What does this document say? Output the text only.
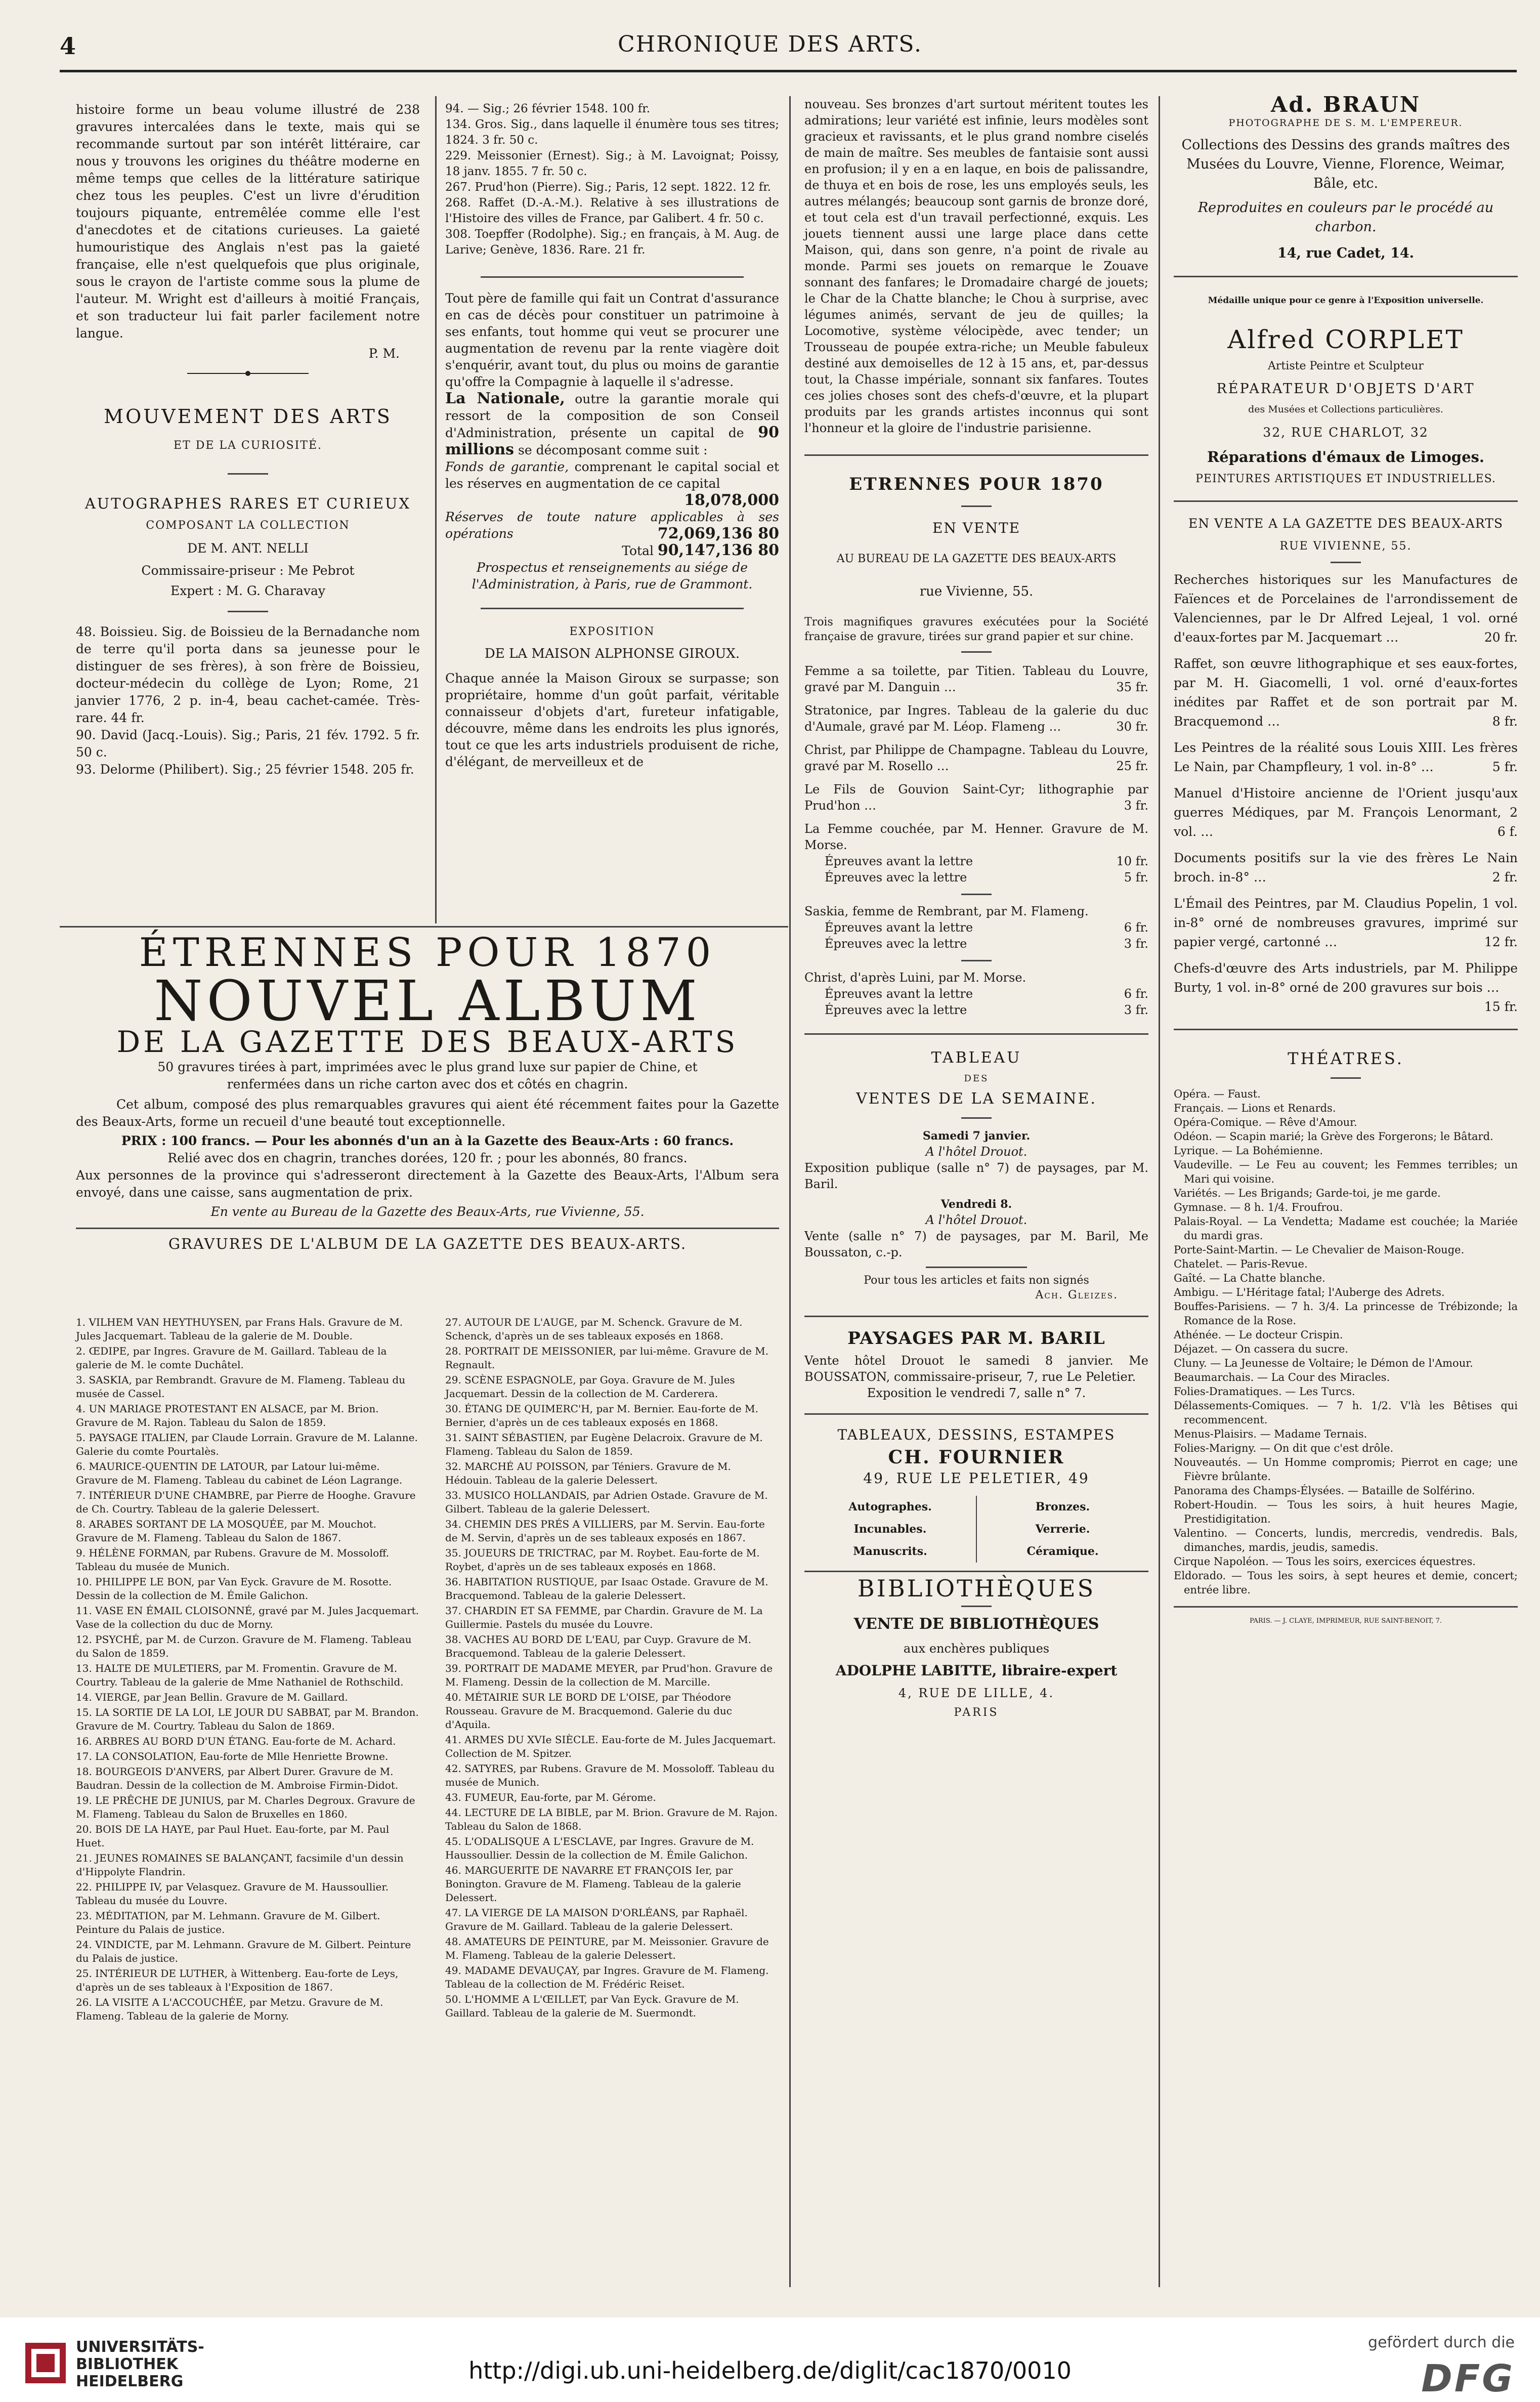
4	CHRONIQUE DES ARTS.

histoire forme un beau volume illustré de 238 gravures intercalées dans le texte, mais qui se recommande surtout par son intérêt littéraire, car nous y trouvons les origines du théâtre moderne en même temps que celles de la littérature satirique chez tous les peuples. C'est un livre d'érudition toujours piquante, entremêlée comme elle l'est d'anecdotes et de citations curieuses. La gaieté humouristique des Anglais n'est pas la gaieté française, elle n'est quelquefois que plus originale, sous le crayon de l'artiste comme sous la plume de l'auteur. M. Wright est d'ailleurs à moitié Français, et son traducteur lui fait parler facilement notre langue.

P. M.

MOUVEMENT DES ARTS
ET DE LA CURIOSITÉ.
AUTOGRAPHES RARES ET CURIEUX
COMPOSANT LA COLLECTION
DE M. ANT. NELLI
Commissaire-priseur : Me Pebrot
Expert : M. G. Charavay

48. Boissieu. Sig. de Boissieu de la Bernadanche nom de terre qu'il porta dans sa jeunesse pour le distinguer de ses frères), à son frère de Boissieu, docteur-médecin du collège de Lyon; Rome, 21 janvier 1776, 2 p. in-4, beau cachet-camée. Très-rare. 44 fr.

90. David (Jacq.-Louis). Sig.; Paris, 21 fév. 1792. 5 fr. 50 c.

93. Delorme (Philibert). Sig.; 25 février 1548. 205 fr.

94. — Sig.; 26 février 1548. 100 fr.

134. Gros. Sig., dans laquelle il énumère tous ses titres; 1824. 3 fr. 50 c.

229. Meissonier (Ernest). Sig.; à M. Lavoignat; Poissy, 18 janv. 1855. 7 fr. 50 c.

267. Prud'hon (Pierre). Sig.; Paris, 12 sept. 1822. 12 fr.

268. Raffet (D.-A.-M.). Relative à ses illustrations de l'Histoire des villes de France, par Galibert. 4 fr. 50 c.

308. Toepffer (Rodolphe). Sig.; en français, à M. Aug. de Larive; Genève, 1836. Rare. 21 fr.

Tout père de famille qui fait un Contrat d'assurance en cas de décès pour constituer un patrimoine à ses enfants, tout homme qui veut se procurer une augmentation de revenu par la rente viagère doit s'enquérir, avant tout, du plus ou moins de garantie qu'offre la Compagnie à laquelle il s'adresse.

La Nationale, outre la garantie morale qui ressort de la composition de son Conseil d'Administration, présente un capital de 90 millions se décomposant comme suit :

Fonds de garantie, comprenant le capital social et les réserves en augmentation de ce capital
18,078,000

Réserves de toute nature applicables à ses opérations	72,069,136 80

Total 90,147,136 80

Prospectus et renseignements au siége de l'Administration, à Paris, rue de Grammont.

EXPOSITION
DE LA MAISON ALPHONSE GIROUX.

Chaque année la Maison Giroux se surpasse; son propriétaire, homme d'un goût parfait, véritable connaisseur d'objets d'art, fureteur infatigable, découvre, même dans les endroits les plus ignorés, tout ce que les arts industriels produisent de riche, d'élégant, de merveilleux et de

ÉTRENNES POUR 1870
NOUVEL ALBUM
DE LA GAZETTE DES BEAUX-ARTS

50 gravures tirées à part, imprimées avec le plus grand luxe sur papier de Chine, et renfermées dans un riche carton avec dos et côtés en chagrin.

Cet album, composé des plus remarquables gravures qui aient été récemment faites pour la Gazette des Beaux-Arts, forme un recueil d'une beauté tout exceptionnelle.

PRIX : 100 francs. — Pour les abonnés d'un an à la Gazette des Beaux-Arts : 60 francs.

Relié avec dos en chagrin, tranches dorées, 120 fr. ; pour les abonnés, 80 francs.

Aux personnes de la province qui s'adresseront directement à la Gazette des Beaux-Arts, l'Album sera envoyé, dans une caisse, sans augmentation de prix.

En vente au Bureau de la Gazette des Beaux-Arts, rue Vivienne, 55.

GRAVURES DE L'ALBUM DE LA GAZETTE DES BEAUX-ARTS.
1. VILHEM VAN HEYTHUYSEN, par Frans Hals. Gravure de M. Jules Jacquemart. Tableau de la galerie de M. Double.
2. ŒDIPE, par Ingres. Gravure de M. Gaillard. Tableau de la galerie de M. le comte Duchâtel.
3. SASKIA, par Rembrandt. Gravure de M. Flameng. Tableau du musée de Cassel.
4. UN MARIAGE PROTESTANT EN ALSACE, par M. Brion. Gravure de M. Rajon. Tableau du Salon de 1859.
5. PAYSAGE ITALIEN, par Claude Lorrain. Gravure de M. Lalanne. Galerie du comte Pourtalès.
6. MAURICE-QUENTIN DE LATOUR, par Latour lui-même. Gravure de M. Flameng. Tableau du cabinet de Léon Lagrange.
7. INTÉRIEUR D'UNE CHAMBRE, par Pierre de Hooghe. Gravure de Ch. Courtry. Tableau de la galerie Delessert.
8. ARABES SORTANT DE LA MOSQUÉE, par M. Mouchot. Gravure de M. Flameng. Tableau du Salon de 1867.
9. HÉLÈNE FORMAN, par Rubens. Gravure de M. Mossoloff. Tableau du musée de Munich.
10. PHILIPPE LE BON, par Van Eyck. Gravure de M. Rosotte. Dessin de la collection de M. Émile Galichon.
11. VASE EN ÉMAIL CLOISONNÉ, gravé par M. Jules Jacquemart. Vase de la collection du duc de Morny.
12. PSYCHÉ, par M. de Curzon. Gravure de M. Flameng. Tableau du Salon de 1859.
13. HALTE DE MULETIERS, par M. Fromentin. Gravure de M. Courtry. Tableau de la galerie de Mme Nathaniel de Rothschild.
14. VIERGE, par Jean Bellin. Gravure de M. Gaillard.
15. LA SORTIE DE LA LOI, LE JOUR DU SABBAT, par M. Brandon. Gravure de M. Courtry. Tableau du Salon de 1869.
16. ARBRES AU BORD D'UN ÉTANG. Eau-forte de M. Achard.
17. LA CONSOLATION, Eau-forte de Mlle Henriette Browne.
18. BOURGEOIS D'ANVERS, par Albert Durer. Gravure de M. Baudran. Dessin de la collection de M. Ambroise Firmin-Didot.
19. LE PRÊCHE DE JUNIUS, par M. Charles Degroux. Gravure de M. Flameng. Tableau du Salon de Bruxelles en 1860.
20. BOIS DE LA HAYE, par Paul Huet. Eau-forte, par M. Paul Huet.
21. JEUNES ROMAINES SE BALANÇANT, facsimile d'un dessin d'Hippolyte Flandrin.
22. PHILIPPE IV, par Velasquez. Gravure de M. Haussoullier. Tableau du musée du Louvre.
23. MÉDITATION, par M. Lehmann. Gravure de M. Gilbert. Peinture du Palais de justice.
24. VINDICTE, par M. Lehmann. Gravure de M. Gilbert. Peinture du Palais de justice.
25. INTÉRIEUR DE LUTHER, à Wittenberg. Eau-forte de Leys, d'après un de ses tableaux à l'Exposition de 1867.
26. LA VISITE A L'ACCOUCHÉE, par Metzu. Gravure de M. Flameng. Tableau de la galerie de Morny.
27. AUTOUR DE L'AUGE, par M. Schenck. Gravure de M. Schenck, d'après un de ses tableaux exposés en 1868.
28. PORTRAIT DE MEISSONIER, par lui-même. Gravure de M. Regnault.
29. SCÈNE ESPAGNOLE, par Goya. Gravure de M. Jules Jacquemart. Dessin de la collection de M. Carderera.
30. ÉTANG DE QUIMERC'H, par M. Bernier. Eau-forte de M. Bernier, d'après un de ces tableaux exposés en 1868.
31. SAINT SÉBASTIEN, par Eugène Delacroix. Gravure de M. Flameng. Tableau du Salon de 1859.
32. MARCHÉ AU POISSON, par Téniers. Gravure de M. Hédouin. Tableau de la galerie Delessert.
33. MUSICO HOLLANDAIS, par Adrien Ostade. Gravure de M. Gilbert. Tableau de la galerie Delessert.
34. CHEMIN DES PRÉS A VILLIERS, par M. Servin. Eau-forte de M. Servin, d'après un de ses tableaux exposés en 1867.
35. JOUEURS DE TRICTRAC, par M. Roybet. Eau-forte de M. Roybet, d'après un de ses tableaux exposés en 1868.
36. HABITATION RUSTIQUE, par Isaac Ostade. Gravure de M. Bracquemond. Tableau de la galerie Delessert.
37. CHARDIN ET SA FEMME, par Chardin. Gravure de M. La Guillermie. Pastels du musée du Louvre.
38. VACHES AU BORD DE L'EAU, par Cuyp. Gravure de M. Bracquemond. Tableau de la galerie Delessert.
39. PORTRAIT DE MADAME MEYER, par Prud'hon. Gravure de M. Flameng. Dessin de la collection de M. Marcille.
40. MÉTAIRIE SUR LE BORD DE L'OISE, par Théodore Rousseau. Gravure de M. Bracquemond. Galerie du duc d'Aquila.
41. ARMES DU XVIe SIÈCLE. Eau-forte de M. Jules Jacquemart. Collection de M. Spitzer.
42. SATYRES, par Rubens. Gravure de M. Mossoloff. Tableau du musée de Munich.
43. FUMEUR, Eau-forte, par M. Gérome.
44. LECTURE DE LA BIBLE, par M. Brion. Gravure de M. Rajon. Tableau du Salon de 1868.
45. L'ODALISQUE A L'ESCLAVE, par Ingres. Gravure de M. Haussoullier. Dessin de la collection de M. Émile Galichon.
46. MARGUERITE DE NAVARRE ET FRANÇOIS Ier, par Bonington. Gravure de M. Flameng. Tableau de la galerie Delessert.
47. LA VIERGE DE LA MAISON D'ORLÉANS, par Raphaël. Gravure de M. Gaillard. Tableau de la galerie Delessert.
48. AMATEURS DE PEINTURE, par M. Meissonier. Gravure de M. Flameng. Tableau de la galerie Delessert.
49. MADAME DEVAUÇAY, par Ingres. Gravure de M. Flameng. Tableau de la collection de M. Frédéric Reiset.
50. L'HOMME A L'ŒILLET, par Van Eyck. Gravure de M. Gaillard. Tableau de la galerie de M. Suermondt.

nouveau. Ses bronzes d'art surtout méritent toutes les admirations; leur variété est infinie, leurs modèles sont gracieux et ravissants, et le plus grand nombre ciselés de main de maître. Ses meubles de fantaisie sont aussi en profusion; il y en a en laque, en bois de palissandre, de thuya et en bois de rose, les uns employés seuls, les autres mélangés; beaucoup sont garnis de bronze doré, et tout cela est d'un travail perfectionné, exquis. Les jouets tiennent aussi une large place dans cette Maison, qui, dans son genre, n'a point de rivale au monde. Parmi ses jouets on remarque le Zouave sonnant des fanfares; le Dromadaire chargé de jouets; le Char de la Chatte blanche; le Chou à surprise, avec légumes animés, servant de jeu de quilles; la Locomotive, système vélocipède, avec tender; un Trousseau de poupée extra-riche; un Meuble fabuleux destiné aux demoiselles de 12 à 15 ans, et, par-dessus tout, la Chasse impériale, sonnant six fanfares. Toutes ces jolies choses sont des chefs-d'œuvre, et la plupart produits par les grands artistes inconnus qui sont l'honneur et la gloire de l'industrie parisienne.

ETRENNES POUR 1870
EN VENTE
AU BUREAU DE LA GAZETTE DES BEAUX-ARTS
rue Vivienne, 55.

Trois magnifiques gravures exécutées pour la Société française de gravure, tirées sur grand papier et sur chine.

Femme a sa toilette, par Titien. Tableau du Louvre, gravé par M. Danguin …	35 fr.
Stratonice, par Ingres. Tableau de la galerie du duc d'Aumale, gravé par M. Léop. Flameng …	30 fr.
Christ, par Philippe de Champagne. Tableau du Louvre, gravé par M. Rosello …	25 fr.
Le Fils de Gouvion Saint-Cyr; lithographie par Prud'hon …	3 fr.

La Femme couchée, par M. Henner. Gravure de M. Morse.

Épreuves avant la lettre	10 fr.
Épreuves avec la lettre	5 fr.

Saskia, femme de Rembrant, par M. Flameng.

Épreuves avant la lettre	6 fr.
Épreuves avec la lettre	3 fr.

Christ, d'après Luini, par M. Morse.

Épreuves avant la lettre	6 fr.
Épreuves avec la lettre	3 fr.
TABLEAU
DES
VENTES DE LA SEMAINE.
Samedi 7 janvier.
A l'hôtel Drouot.

Exposition publique (salle n° 7) de paysages, par M. Baril.

Vendredi 8.
A l'hôtel Drouot.

Vente (salle n° 7) de paysages, par M. Baril, Me Boussaton, c.-p.

Pour tous les articles et faits non signés
Ach. Gleizes.
PAYSAGES PAR M. BARIL

Vente hôtel Drouot le samedi 8 janvier. Me BOUSSATON, commissaire-priseur, 7, rue Le Peletier.

Exposition le vendredi 7, salle n° 7.

TABLEAUX, DESSINS, ESTAMPES
CH. FOURNIER
49, RUE LE PELETIER, 49
Autographes.
Incunables.
Manuscrits.
Bronzes.
Verrerie.
Céramique.
BIBLIOTHÈQUES
VENTE DE BIBLIOTHÈQUES
aux enchères publiques
ADOLPHE LABITTE, libraire-expert
4, RUE DE LILLE, 4.
PARIS
Ad. BRAUN
PHOTOGRAPHE DE S. M. L'EMPEREUR.

Collections des Dessins des grands maîtres des Musées du Louvre, Vienne, Florence, Weimar, Bâle, etc.

Reproduites en couleurs par le procédé au charbon.

14, rue Cadet, 14.
Médaille unique pour ce genre à l'Exposition universelle.
Alfred CORPLET
Artiste Peintre et Sculpteur
RÉPARATEUR D'OBJETS D'ART
des Musées et Collections particulières.
32, RUE CHARLOT, 32
Réparations d'émaux de Limoges.
PEINTURES ARTISTIQUES ET INDUSTRIELLES.
EN VENTE A LA GAZETTE DES BEAUX-ARTS
RUE VIVIENNE, 55.
Recherches historiques sur les Manufactures de Faïences et de Porcelaines de l'arrondissement de Valenciennes, par le Dr Alfred Lejeal, 1 vol. orné d'eaux-fortes par M. Jacquemart …	20 fr.
Raffet, son œuvre lithographique et ses eaux-fortes, par M. H. Giacomelli, 1 vol. orné d'eaux-fortes inédites par Raffet et de son portrait par M. Bracquemond …	8 fr.
Les Peintres de la réalité sous Louis XIII. Les frères Le Nain, par Champfleury, 1 vol. in-8° …	5 fr.
Manuel d'Histoire ancienne de l'Orient jusqu'aux guerres Médiques, par M. François Lenormant, 2 vol. …	6 f.
Documents positifs sur la vie des frères Le Nain broch. in-8° …	2 fr.
L'Émail des Peintres, par M. Claudius Popelin, 1 vol. in-8° orné de nombreuses gravures, imprimé sur papier vergé, cartonné …	12 fr.
Chefs-d'œuvre des Arts industriels, par M. Philippe Burty, 1 vol. in-8° orné de 200 gravures sur bois …
15 fr.
THÉATRES.
Opéra. — Faust.
Français. — Lions et Renards.
Opéra-Comique. — Rêve d'Amour.
Odéon. — Scapin marié; la Grève des Forgerons; le Bâtard.
Lyrique. — La Bohémienne.
Vaudeville. — Le Feu au couvent; les Femmes terribles; un Mari qui voisine.
Variétés. — Les Brigands; Garde-toi, je me garde.
Gymnase. — 8 h. 1/4. Froufrou.
Palais-Royal. — La Vendetta; Madame est couchée; la Mariée du mardi gras.
Porte-Saint-Martin. — Le Chevalier de Maison-Rouge.
Chatelet. — Paris-Revue.
Gaîté. — La Chatte blanche.
Ambigu. — L'Héritage fatal; l'Auberge des Adrets.
Bouffes-Parisiens. — 7 h. 3/4. La princesse de Trébizonde; la Romance de la Rose.
Athénée. — Le docteur Crispin.
Déjazet. — On cassera du sucre.
Cluny. — La Jeunesse de Voltaire; le Démon de l'Amour.
Beaumarchais. — La Cour des Miracles.
Folies-Dramatiques. — Les Turcs.
Délassements-Comiques. — 7 h. 1/2. V'là les Bêtises qui recommencent.
Menus-Plaisirs. — Madame Ternais.
Folies-Marigny. — On dit que c'est drôle.
Nouveautés. — Un Homme compromis; Pierrot en cage; une Fièvre brûlante.
Panorama des Champs-Élysées. — Bataille de Solférino.
Robert-Houdin. — Tous les soirs, à huit heures Magie, Prestidigitation.
Valentino. — Concerts, lundis, mercredis, vendredis. Bals, dimanches, mardis, jeudis, samedis.
Cirque Napoléon. — Tous les soirs, exercices équestres.
Eldorado. — Tous les soirs, à sept heures et demie, concert; entrée libre.
PARIS. — J. CLAYE, IMPRIMEUR, RUE SAINT-BENOIT, 7.
UNIVERSITÄTS-
BIBLIOTHEK
HEIDELBERG	http://digi.ub.uni-heidelberg.de/diglit/cac1870/0010
gefördert durch die
DFG
